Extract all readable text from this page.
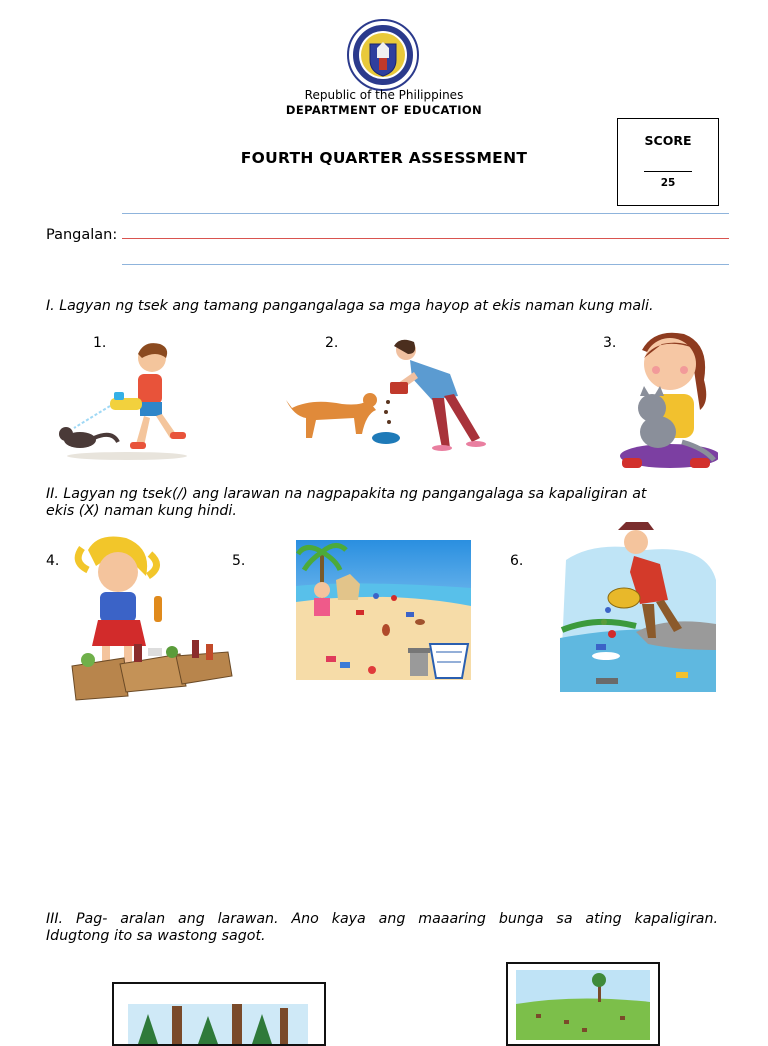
Republic of the Philippines
DEPARTMENT OF EDUCATION
FOURTH QUARTER ASSESSMENT
SCORE
25
Pangalan:
I. Lagyan ng tsek ang tamang pangangalaga sa mga hayop at ekis naman kung mali.
1.	2.	3.
II. Lagyan ng tsek(/) ang larawan na nagpapakita ng pangangalaga sa kapaligiran at
ekis (X) naman kung hindi.
4.	5.	6.
III. Pag- aralan ang larawan. Ano kaya ang maaaring bunga sa ating kapaligiran.
Idugtong ito sa wastong sagot.
